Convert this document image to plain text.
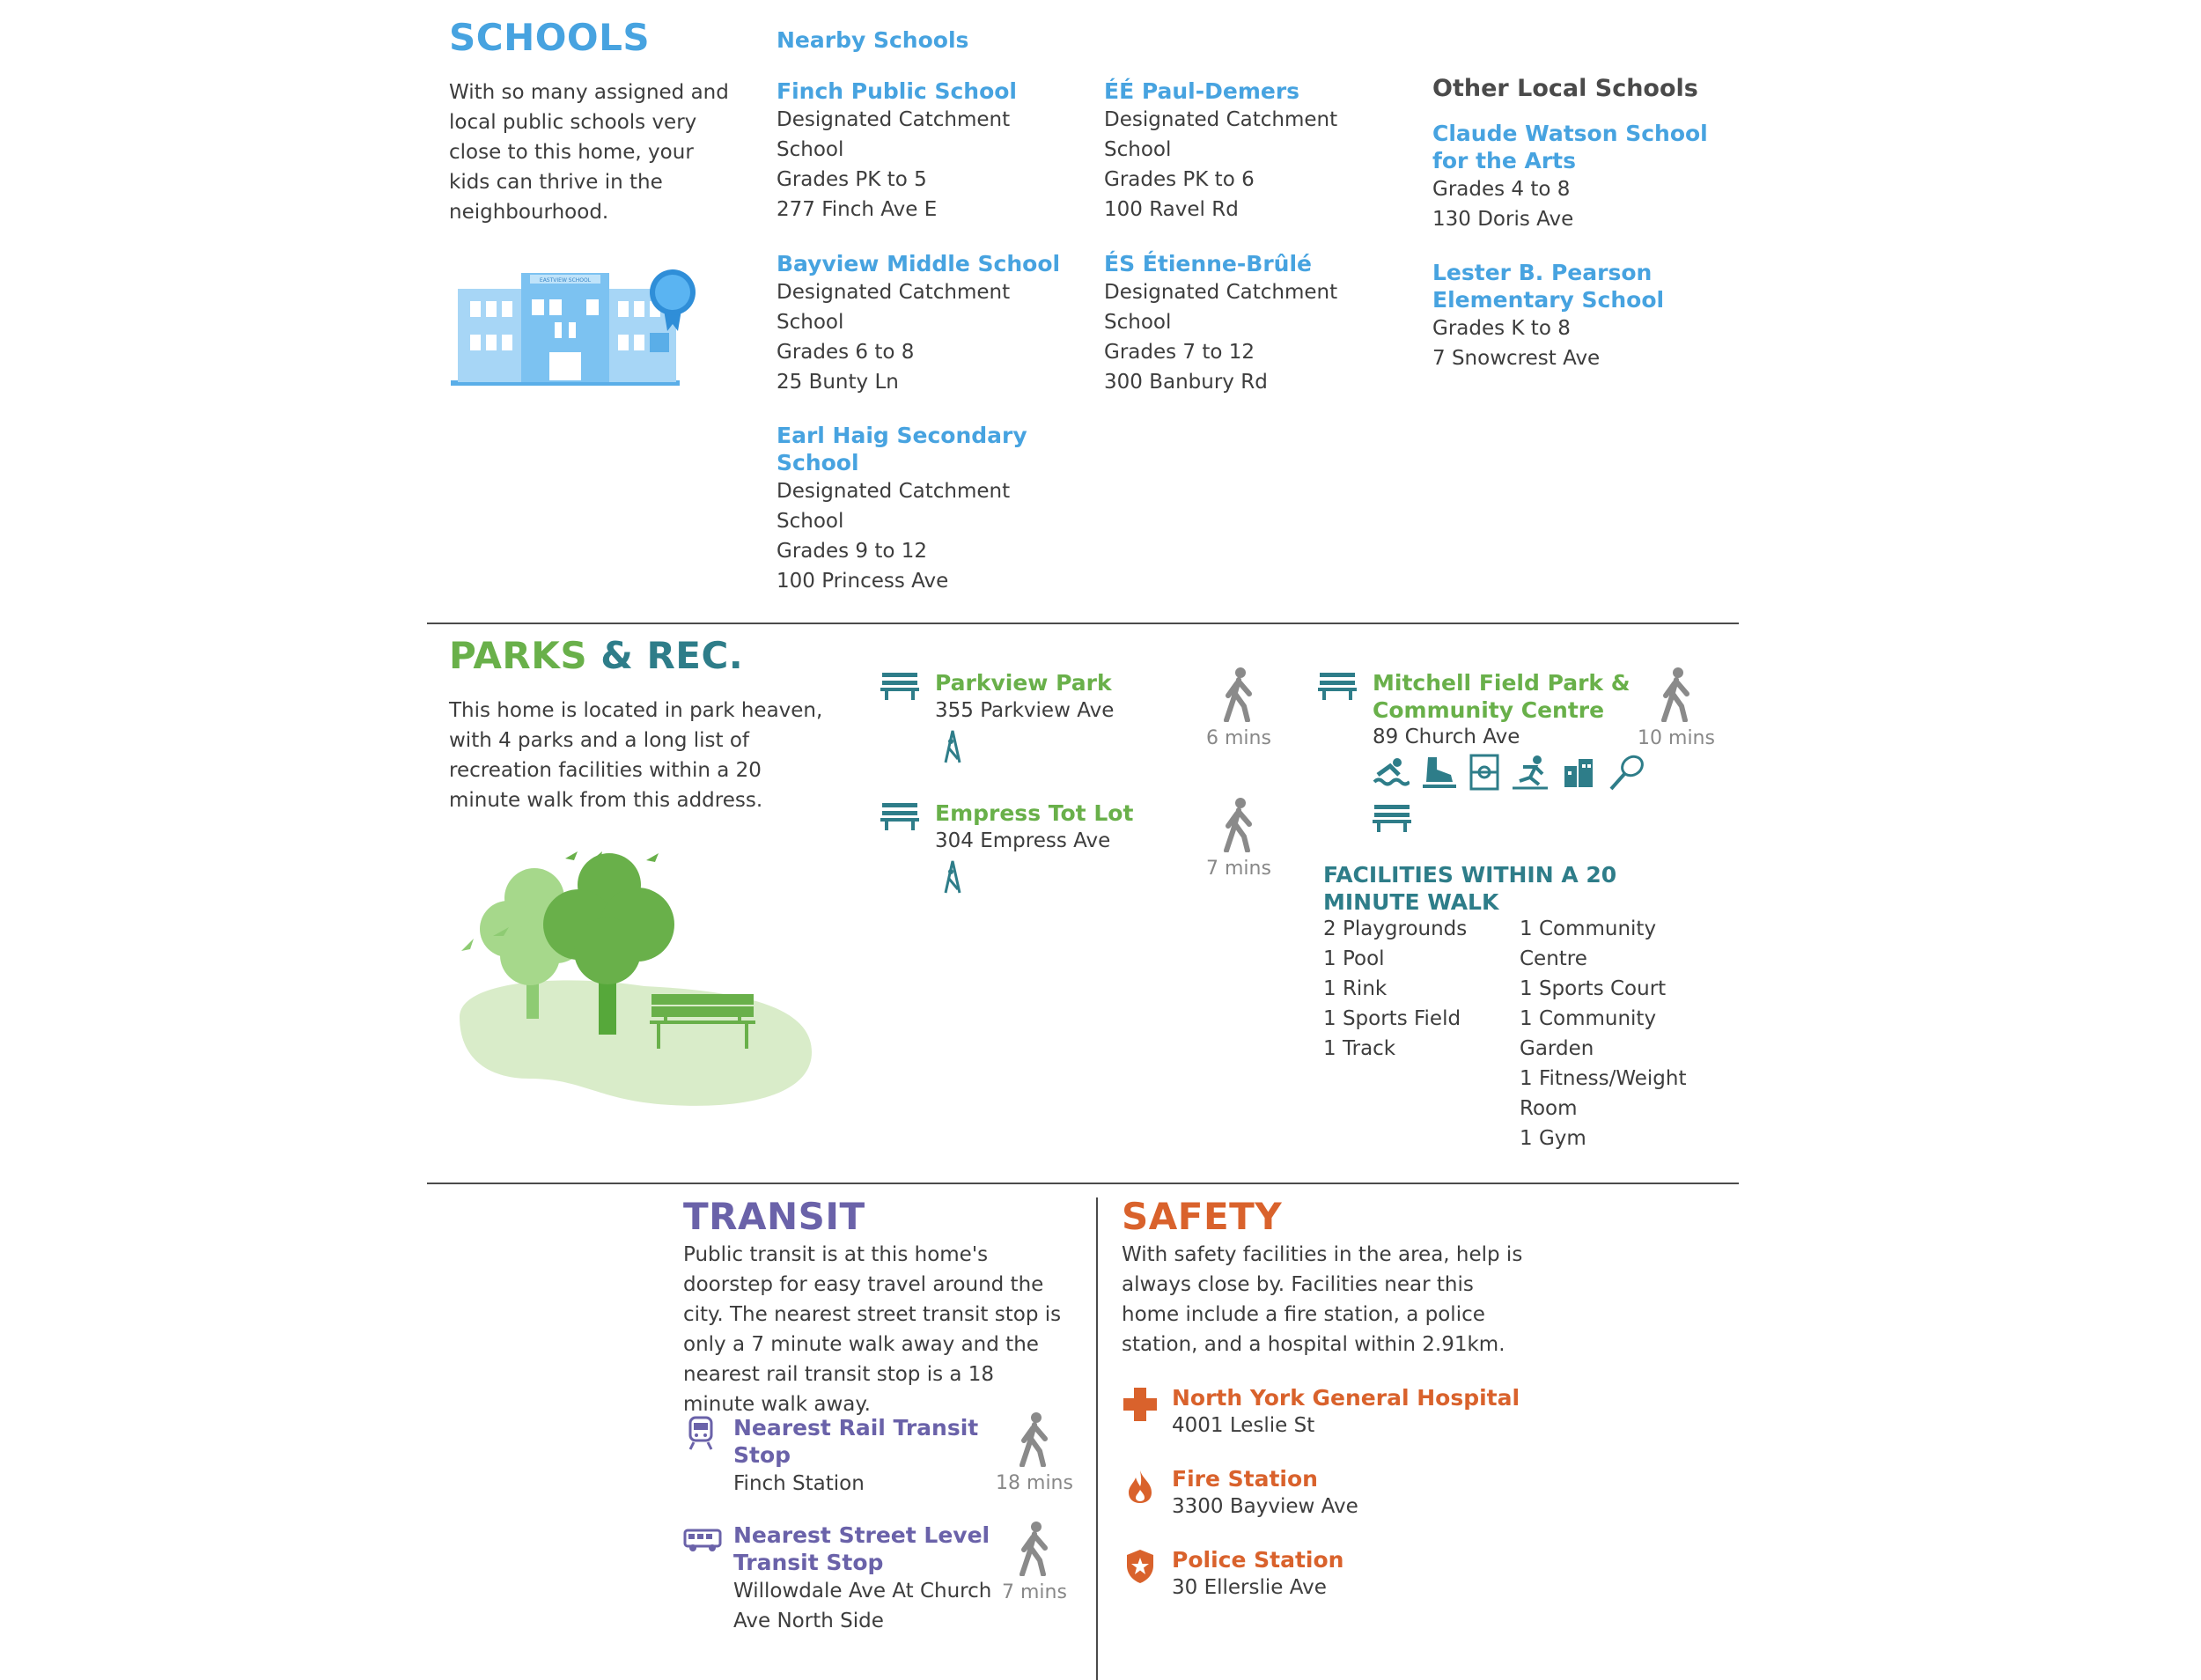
SCHOOLS
With so many assigned and local public schools very close to this home, your kids can thrive in the neighbourhood.
EASTVIEW SCHOOL
Nearby Schools
Finch Public School
Designated Catchment School
Grades PK to 5
277 Finch Ave E
Bayview Middle School
Designated Catchment School
Grades 6 to 8
25 Bunty Ln
Earl Haig Secondary School
Designated Catchment School
Grades 9 to 12
100 Princess Ave
ÉÉ Paul-Demers
Designated Catchment School
Grades PK to 6
100 Ravel Rd
ÉS Étienne-Brûlé
Designated Catchment School
Grades 7 to 12
300 Banbury Rd
Other Local Schools
Claude Watson School for the Arts
Grades 4 to 8
130 Doris Ave
Lester B. Pearson Elementary School
Grades K to 8
7 Snowcrest Ave
PARKS & REC.
This home is located in park heaven, with 4 parks and a long list of recreation facilities within a 20 minute walk from this address.
Parkview Park
355 Parkview Ave
6 mins
Empress Tot Lot
304 Empress Ave
7 mins
Mitchell Field Park & Community Centre
89 Church Ave
	10 mins
FACILITIES WITHIN A 20 MINUTE WALK
2 Playgrounds
1 Pool
1 Rink
1 Sports Field
1 Track
1 Community Centre
1 Sports Court
1 Community Garden
1 Fitness/Weight Room
1 Gym
TRANSIT
Public transit is at this home's doorstep for easy travel around the city. The nearest street transit stop is only a 7 minute walk away and the nearest rail transit stop is a 18 minute walk away.
Nearest Rail Transit Stop
Finch Station	18 mins
Nearest Street Level Transit Stop
Willowdale Ave At Church Ave North Side
7 mins
SAFETY
With safety facilities in the area, help is always close by. Facilities near this home include a fire station, a police station, and a hospital within 2.91km.
North York General Hospital
4001 Leslie St
Fire Station
3300 Bayview Ave
Police Station
30 Ellerslie Ave
